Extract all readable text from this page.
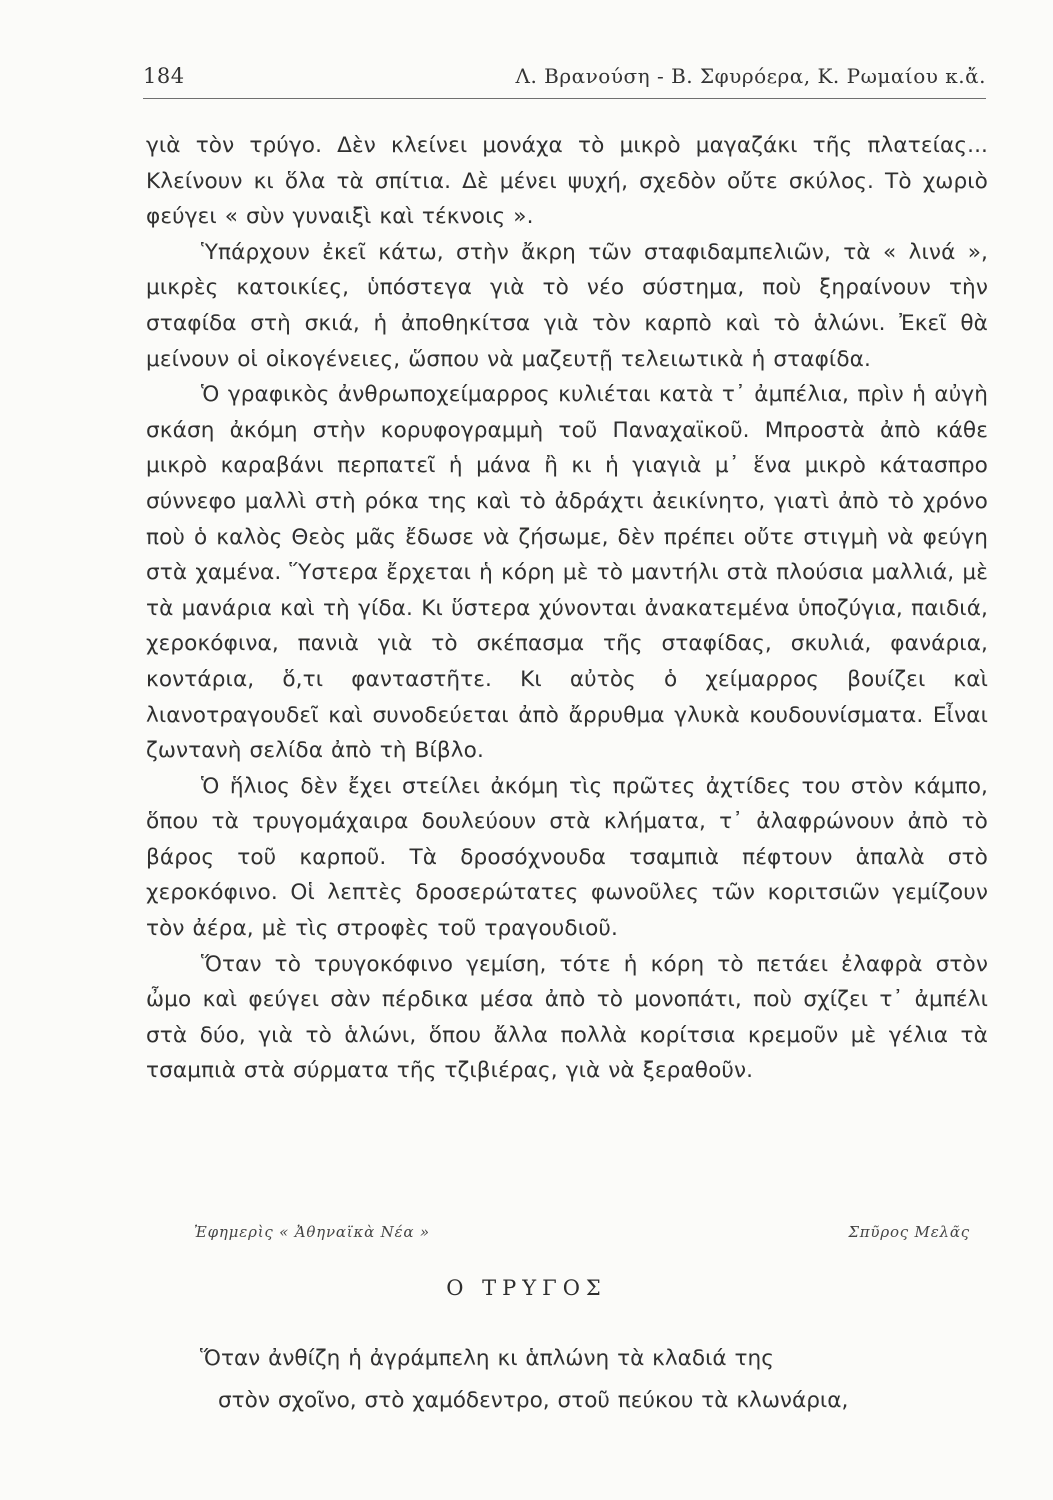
184	Λ. Βρανούση - Β. Σφυρόερα, Κ. Ρωμαίου κ.ἄ.

γιὰ τὸν τρύγο. Δὲν κλείνει μονάχα τὸ μικρὸ μαγαζάκι τῆς πλατείας... Κλείνουν κι ὅλα τὰ σπίτια. Δὲ μένει ψυχή, σχεδὸν οὔτε σκύλος. Τὸ χωριὸ φεύγει « σὺν γυναιξὶ καὶ τέκνοις ».

Ὑπάρχουν ἐκεῖ κάτω, στὴν ἄκρη τῶν σταφιδαμπελιῶν, τὰ « λινά », μικρὲς κατοικίες, ὑπόστεγα γιὰ τὸ νέο σύστημα, ποὺ ξηραίνουν τὴν σταφίδα στὴ σκιά, ἡ ἀποθηκίτσα γιὰ τὸν καρπὸ καὶ τὸ ἁλώνι. Ἐκεῖ θὰ μείνουν οἱ οἰκογένειες, ὥσπου νὰ μαζευτῇ τελειωτικὰ ἡ σταφίδα.

Ὁ γραφικὸς ἀνθρωποχείμαρρος κυλιέται κατὰ τ᾽ ἀμπέλια, πρὶν ἡ αὐγὴ σκάση ἀκόμη στὴν κορυφογραμμὴ τοῦ Παναχαϊκοῦ. Μπροστὰ ἀπὸ κάθε μικρὸ καραβάνι περπατεῖ ἡ μάνα ἢ κι ἡ γιαγιὰ μ᾽ ἕνα μικρὸ κάτασπρο σύννεφο μαλλὶ στὴ ρόκα της καὶ τὸ ἀδράχτι ἀεικίνητο, γιατὶ ἀπὸ τὸ χρόνο ποὺ ὁ καλὸς Θεὸς μᾶς ἔδωσε νὰ ζήσωμε, δὲν πρέπει οὔτε στιγμὴ νὰ φεύγη στὰ χαμένα. Ὕστερα ἔρχεται ἡ κόρη μὲ τὸ μαντήλι στὰ πλούσια μαλλιά, μὲ τὰ μανάρια καὶ τὴ γίδα. Κι ὕστερα χύνονται ἀνακατεμένα ὑποζύγια, παιδιά, χεροκόφινα, πανιὰ γιὰ τὸ σκέπασμα τῆς σταφίδας, σκυλιά, φανάρια, κοντάρια, ὅ,τι φανταστῆτε. Κι αὐτὸς ὁ χείμαρρος βουίζει καὶ λιανοτραγουδεῖ καὶ συνοδεύεται ἀπὸ ἄρρυθμα γλυκὰ κουδουνίσματα. Εἶναι ζωντανὴ σελίδα ἀπὸ τὴ Βίβλο.

Ὁ ἥλιος δὲν ἔχει στείλει ἀκόμη τὶς πρῶτες ἀχτίδες του στὸν κάμπο, ὅπου τὰ τρυγομάχαιρα δουλεύουν στὰ κλήματα, τ᾽ ἀλαφρώνουν ἀπὸ τὸ βάρος τοῦ καρποῦ. Τὰ δροσόχνουδα τσαμπιὰ πέφτουν ἁπαλὰ στὸ χεροκόφινο. Οἱ λεπτὲς δροσερώτατες φωνοῦλες τῶν κοριτσιῶν γεμίζουν τὸν ἀέρα, μὲ τὶς στροφὲς τοῦ τραγουδιοῦ.

Ὅταν τὸ τρυγοκόφινο γεμίση, τότε ἡ κόρη τὸ πετάει ἐλαφρὰ στὸν ὦμο καὶ φεύγει σὰν πέρδικα μέσα ἀπὸ τὸ μονοπάτι, ποὺ σχίζει τ᾽ ἀμπέλι στὰ δύο, γιὰ τὸ ἁλώνι, ὅπου ἄλλα πολλὰ κορίτσια κρεμοῦν μὲ γέλια τὰ τσαμπιὰ στὰ σύρματα τῆς τζιβιέρας, γιὰ νὰ ξεραθοῦν.

Ἐφημερὶς « Ἀθηναϊκὰ Νέα »	Σπῦρος Μελᾶς
Ο ΤΡΥΓΟΣ
Ὅταν ἀνθίζη ἡ ἀγράμπελη κι ἁπλώνη τὰ κλαδιά της
στὸν σχοῖνο, στὸ χαμόδεντρο, στοῦ πεύκου τὰ κλωνάρια,
